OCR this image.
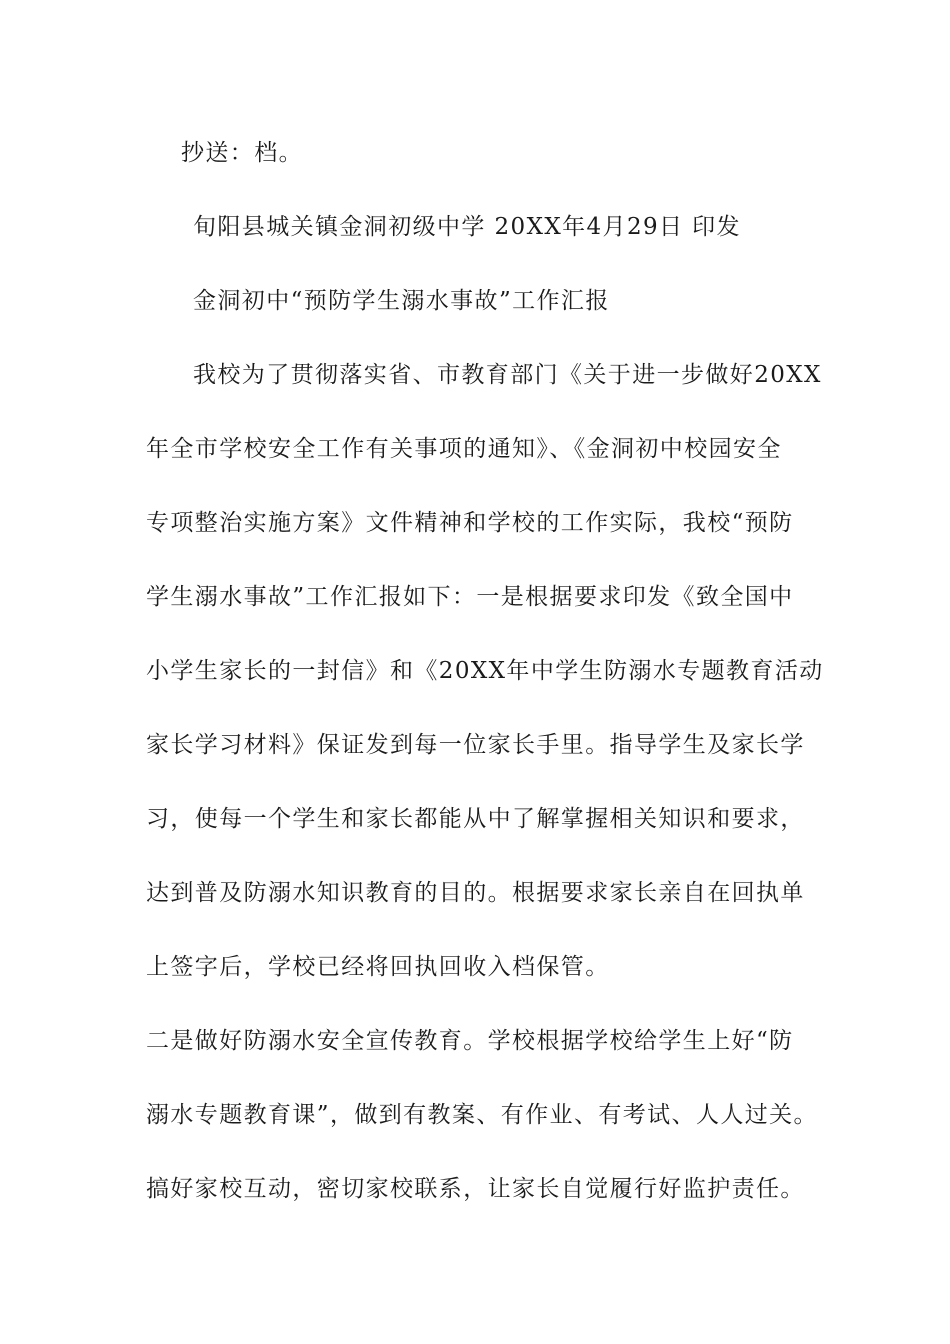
抄送：档。
旬阳县城关镇金洞初级中学 20XX年4月29日 印发
金洞初中“预防学生溺水事故”工作汇报
我校为了贯彻落实省、市教育部门《关于进一步做好20XX
年全市学校安全工作有关事项的通知》、《金洞初中校园安全
专项整治实施方案》文件精神和学校的工作实际，我校“预防
学生溺水事故”工作汇报如下：一是根据要求印发《致全国中
小学生家长的一封信》和《20XX年中学生防溺水专题教育活动
家长学习材料》保证发到每一位家长手里。指导学生及家长学
习，使每一个学生和家长都能从中了解掌握相关知识和要求，
达到普及防溺水知识教育的目的。根据要求家长亲自在回执单
上签字后，学校已经将回执回收入档保管。
二是做好防溺水安全宣传教育。学校根据学校给学生上好“防
溺水专题教育课”，做到有教案、有作业、有考试、人人过关。
搞好家校互动，密切家校联系，让家长自觉履行好监护责任。
